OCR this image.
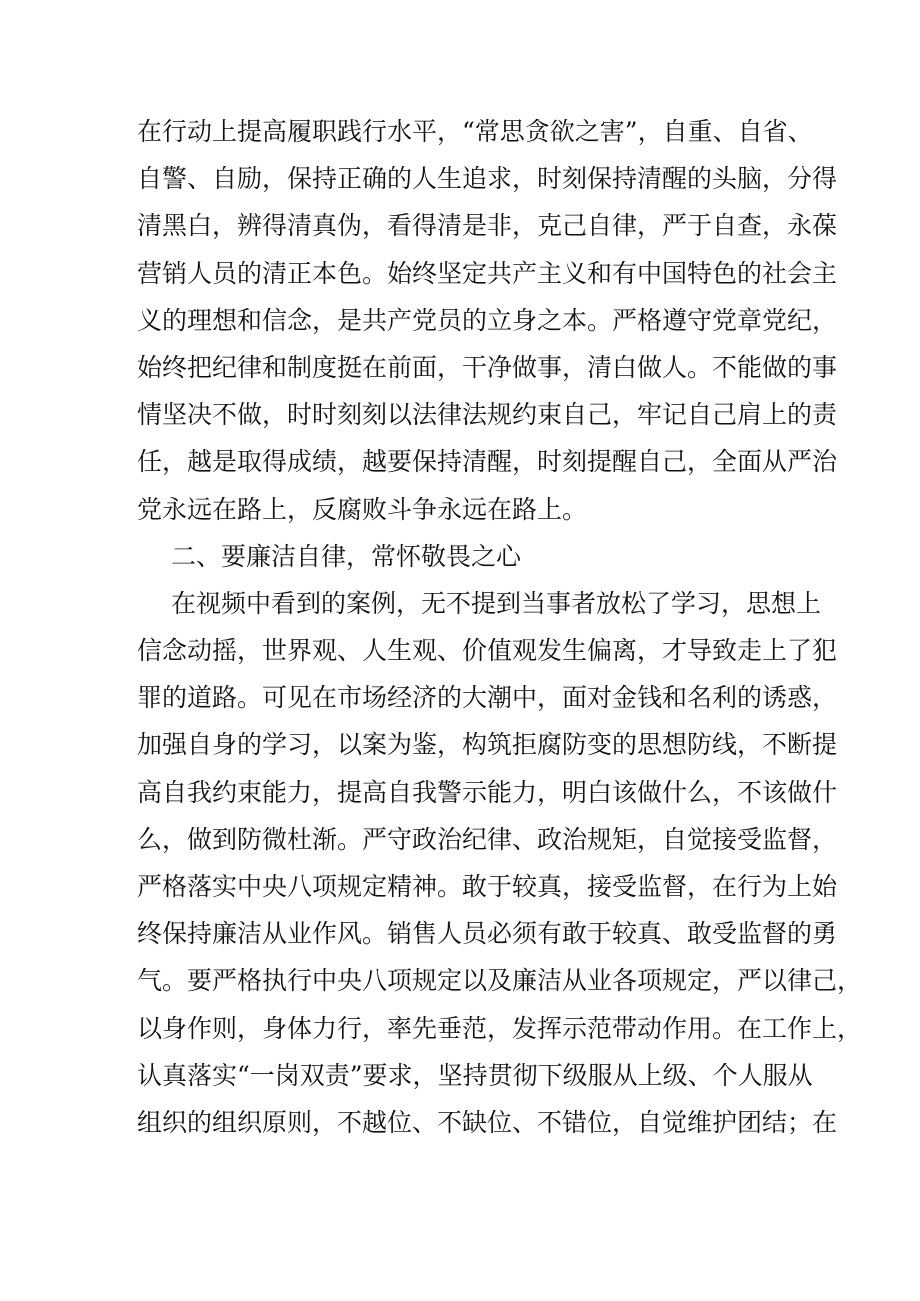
在行动上提高履职践行水平，“常思贪欲之害”，自重、自省、
自警、自励，保持正确的人生追求，时刻保持清醒的头脑，分得
清黑白，辨得清真伪，看得清是非，克己自律，严于自查，永葆
营销人员的清正本色。始终坚定共产主义和有中国特色的社会主
义的理想和信念，是共产党员的立身之本。严格遵守党章党纪，
始终把纪律和制度挺在前面，干净做事，清白做人。不能做的事
情坚决不做，时时刻刻以法律法规约束自己，牢记自己肩上的责
任，越是取得成绩，越要保持清醒，时刻提醒自己，全面从严治
党永远在路上，反腐败斗争永远在路上。
二、要廉洁自律，常怀敬畏之心
在视频中看到的案例，无不提到当事者放松了学习，思想上
信念动摇，世界观、人生观、价值观发生偏离，才导致走上了犯
罪的道路。可见在市场经济的大潮中，面对金钱和名利的诱惑，
加强自身的学习，以案为鉴，构筑拒腐防变的思想防线，不断提
高自我约束能力，提高自我警示能力，明白该做什么，不该做什
么，做到防微杜渐。严守政治纪律、政治规矩，自觉接受监督，
严格落实中央八项规定精神。敢于较真，接受监督，在行为上始
终保持廉洁从业作风。销售人员必须有敢于较真、敢受监督的勇
气。要严格执行中央八项规定以及廉洁从业各项规定，严以律己，
以身作则，身体力行，率先垂范，发挥示范带动作用。在工作上，
认真落实“一岗双责”要求，坚持贯彻下级服从上级、个人服从
组织的组织原则，不越位、不缺位、不错位，自觉维护团结；在
